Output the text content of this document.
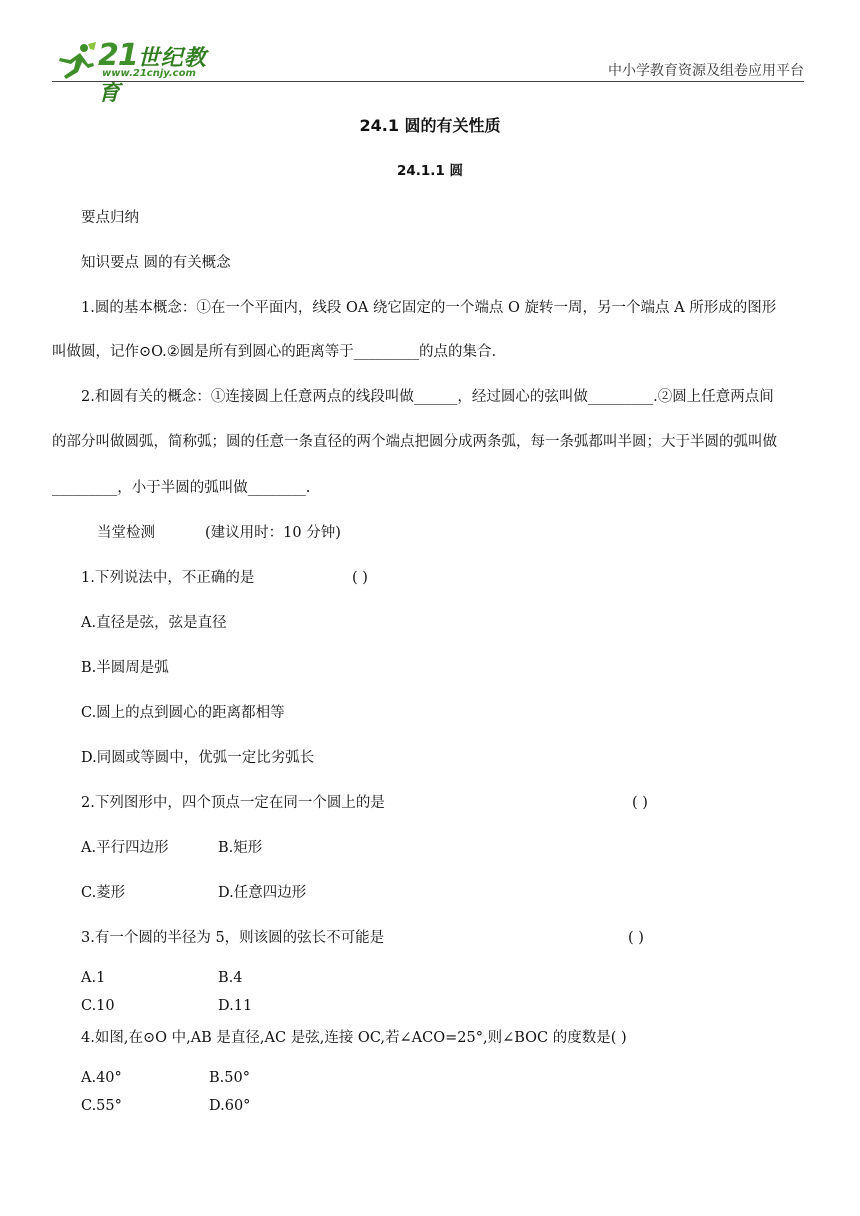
21世纪教育
www.21cnjy.com	中小学教育资源及组卷应用平台
24.1 圆的有关性质
24.1.1 圆
要点归纳
知识要点 圆的有关概念
1.圆的基本概念：①在一个平面内，线段 OA 绕它固定的一个端点 O 旋转一周，另一个端点 A 所形成的图形
叫做圆，记作⊙O.②圆是所有到圆心的距离等于_________的点的集合.
2.和圆有关的概念：①连接圆上任意两点的线段叫做______，经过圆心的弦叫做_________.②圆上任意两点间
的部分叫做圆弧，简称弧；圆的任意一条直径的两个端点把圆分成两条弧，每一条弧都叫半圆；大于半圆的弧叫做
_________，小于半圆的弧叫做________.
当堂检测	(建议用时：10 分钟)
1.下列说法中，不正确的是	( )
A.直径是弦，弦是直径
B.半圆周是弧
C.圆上的点到圆心的距离都相等
D.同圆或等圆中，优弧一定比劣弧长
2.下列图形中，四个顶点一定在同一个圆上的是	( )
A.平行四边形	B.矩形
C.菱形	D.任意四边形
3.有一个圆的半径为 5，则该圆的弦长不可能是	( )
A.1	B.4
C.10	D.11
4.如图,在⊙O 中,AB 是直径,AC 是弦,连接 OC,若∠ACO=25°,则∠BOC 的度数是( )
A.40°	B.50°
C.55°	D.60°
